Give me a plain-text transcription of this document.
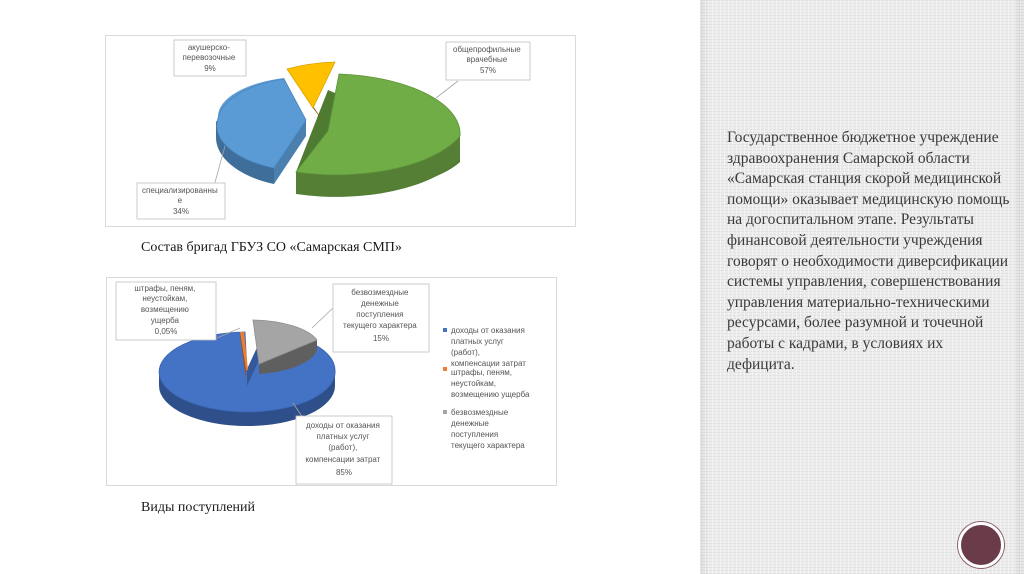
общепрофильные врачебные 57%
акушерско- перевозочные 9%
специализированны е 34%
Состав бригад ГБУЗ СО «Самарская СМП»
штрафы, пеням, неустойкам, возмещению ущерба 0,05%
безвозмездные денежные поступления текущего характера 15%
доходы от оказания платных услуг (работ), компенсации затрат 85%
доходы от оказания платных услуг (работ), компенсации затрат
штрафы, пеням, неустойкам, возмещению ущерба
безвозмездные денежные поступления текущего характера
Виды поступлений
Государственное бюджетное учреждение здравоохранения Самарской области «Самарская станция скорой медицинской помощи» оказывает медицинскую помощь на догоспитальном этапе. Результаты финансовой деятельности учреждения говорят о необходимости диверсификации системы управления, совершенствования управления материально-техническими ресурсами, более разумной и точечной работы с кадрами, в условиях их дефицита.
